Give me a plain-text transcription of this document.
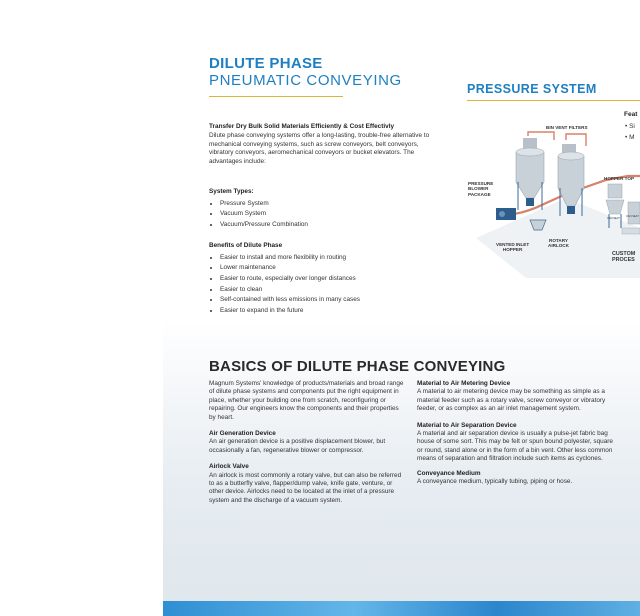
DILUTE PHASE
PNEUMATIC CONVEYING
Transfer Dry Bulk Solid Materials Efficiently & Cost Effectivly
Dilute phase conveying systems offer a long-lasting, trouble-free alternative to mechanical conveying systems, such as screw conveyors, belt conveyors, vibratory conveyors, aeromechanical conveyors or bucket elevators. The advantages include:
System Types:
• Pressure System
• Vacuum System
• Vacuum/Pressure Combination
Benefits of Dilute Phase
• Easier to install and more flexibility in routing
• Lower maintenance
• Easier to route, especially over longer distances
• Easier to clean
• Self-contained with less emissions in many cases
• Easier to expand in the future
PRESSURE SYSTEM
Feat
• Si
• M
BIN VENT FILTERS
PRESSURE
BLOWER
PACKAGE
HOPPER TOP
VENTED INLET
HOPPER
ROTARY
AIRLOCK
CUSTOM
PROCES
CAN SEAT
CAN SEAT
BASICS OF DILUTE PHASE CONVEYING

Magnum Systems' knowledge of products/materials and broad range of dilute phase systems and components put the right equipment in place, whether your building one from scratch, reconfiguring or repairing. Our engineers know the components and their properties by heart.

Air Generation Device

An air generation device is a positive displacement blower, but occasionally a fan, regenerative blower or compressor.

Airlock Valve

An airlock is most commonly a rotary valve, but can also be referred to as a butterfly valve, flapper/dump valve, knife gate, venture, or other device. Airlocks need to be located at the inlet of a pressure system and the discharge of a vacuum system.

Material to Air Metering Device

A material to air metering device may be something as simple as a material feeder such as a rotary valve, screw conveyor or vibratory feeder, or as complex as an air inlet management system.

Material to Air Separation Device

A material and air separation device is usually a pulse-jet fabric bag house of some sort. This may be felt or spun bound polyester, square or round, stand alone or in the form of a bin vent. Other less common means of separation and filtration include such items as cyclones.

Conveyance Medium

A conveyance medium, typically tubing, piping or hose.
